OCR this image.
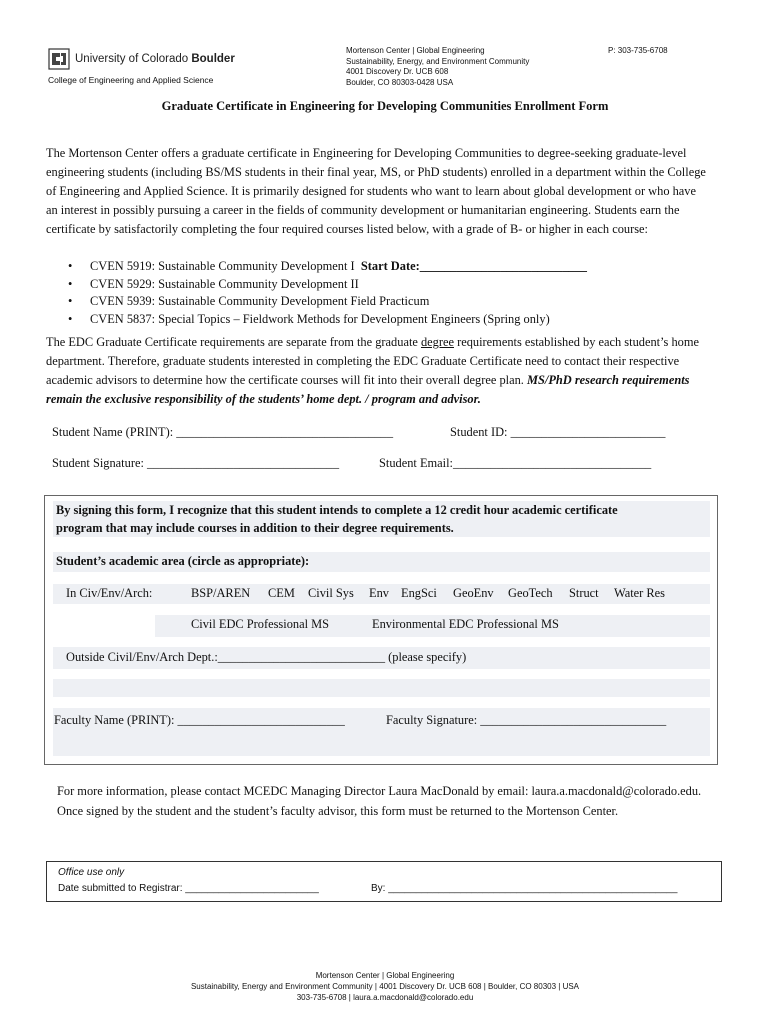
University of Colorado Boulder
College of Engineering and Applied Science
Mortenson Center | Global Engineering
Sustainability, Energy, and Environment Community
4001 Discovery Dr. UCB 608
Boulder, CO 80303-0428 USA
P: 303-735-6708
Graduate Certificate in Engineering for Developing Communities Enrollment Form
The Mortenson Center offers a graduate certificate in Engineering for Developing Communities to degree-seeking graduate-level engineering students (including BS/MS students in their final year, MS, or PhD students) enrolled in a department within the College of Engineering and Applied Science. It is primarily designed for students who want to learn about global development or who have an interest in possibly pursuing a career in the fields of community development or humanitarian engineering. Students earn the certificate by satisfactorily completing the four required courses listed below, with a grade of B- or higher in each course:
• CVEN 5919: Sustainable Community Development I Start Date:___________________________
• CVEN 5929: Sustainable Community Development II
• CVEN 5939: Sustainable Community Development Field Practicum
• CVEN 5837: Special Topics – Fieldwork Methods for Development Engineers (Spring only)
The EDC Graduate Certificate requirements are separate from the graduate degree requirements established by each student’s home department. Therefore, graduate students interested in completing the EDC Graduate Certificate need to contact their respective academic advisors to determine how the certificate courses will fit into their overall degree plan. MS/PhD research requirements remain the exclusive responsibility of the students’ home dept. / program and advisor.
Student Name (PRINT): ___________________________________	Student ID: _________________________
Student Signature: _______________________________	Student Email:________________________________
By signing this form, I recognize that this student intends to complete a 12 credit hour academic certificate
program that may include courses in addition to their degree requirements.
Student’s academic area (circle as appropriate):
In Civ/Env/Arch:	BSP/AREN CEM Civil Sys Env EngSci GeoEnv GeoTech Struct Water Res
Civil EDC Professional MS	Environmental EDC Professional MS
Outside Civil/Env/Arch Dept.:___________________________ (please specify)
Faculty Name (PRINT): ___________________________	Faculty Signature: ______________________________
For more information, please contact MCEDC Managing Director Laura MacDonald by email: laura.a.macdonald@colorado.edu. Once signed by the student and the student’s faculty advisor, this form must be returned to the Mortenson Center.
Office use only
Date submitted to Registrar: ________________________	By: ____________________________________________________
Mortenson Center | Global Engineering
Sustainability, Energy and Environment Community | 4001 Discovery Dr. UCB 608 | Boulder, CO 80303 | USA
303-735-6708 | laura.a.macdonald@colorado.edu
